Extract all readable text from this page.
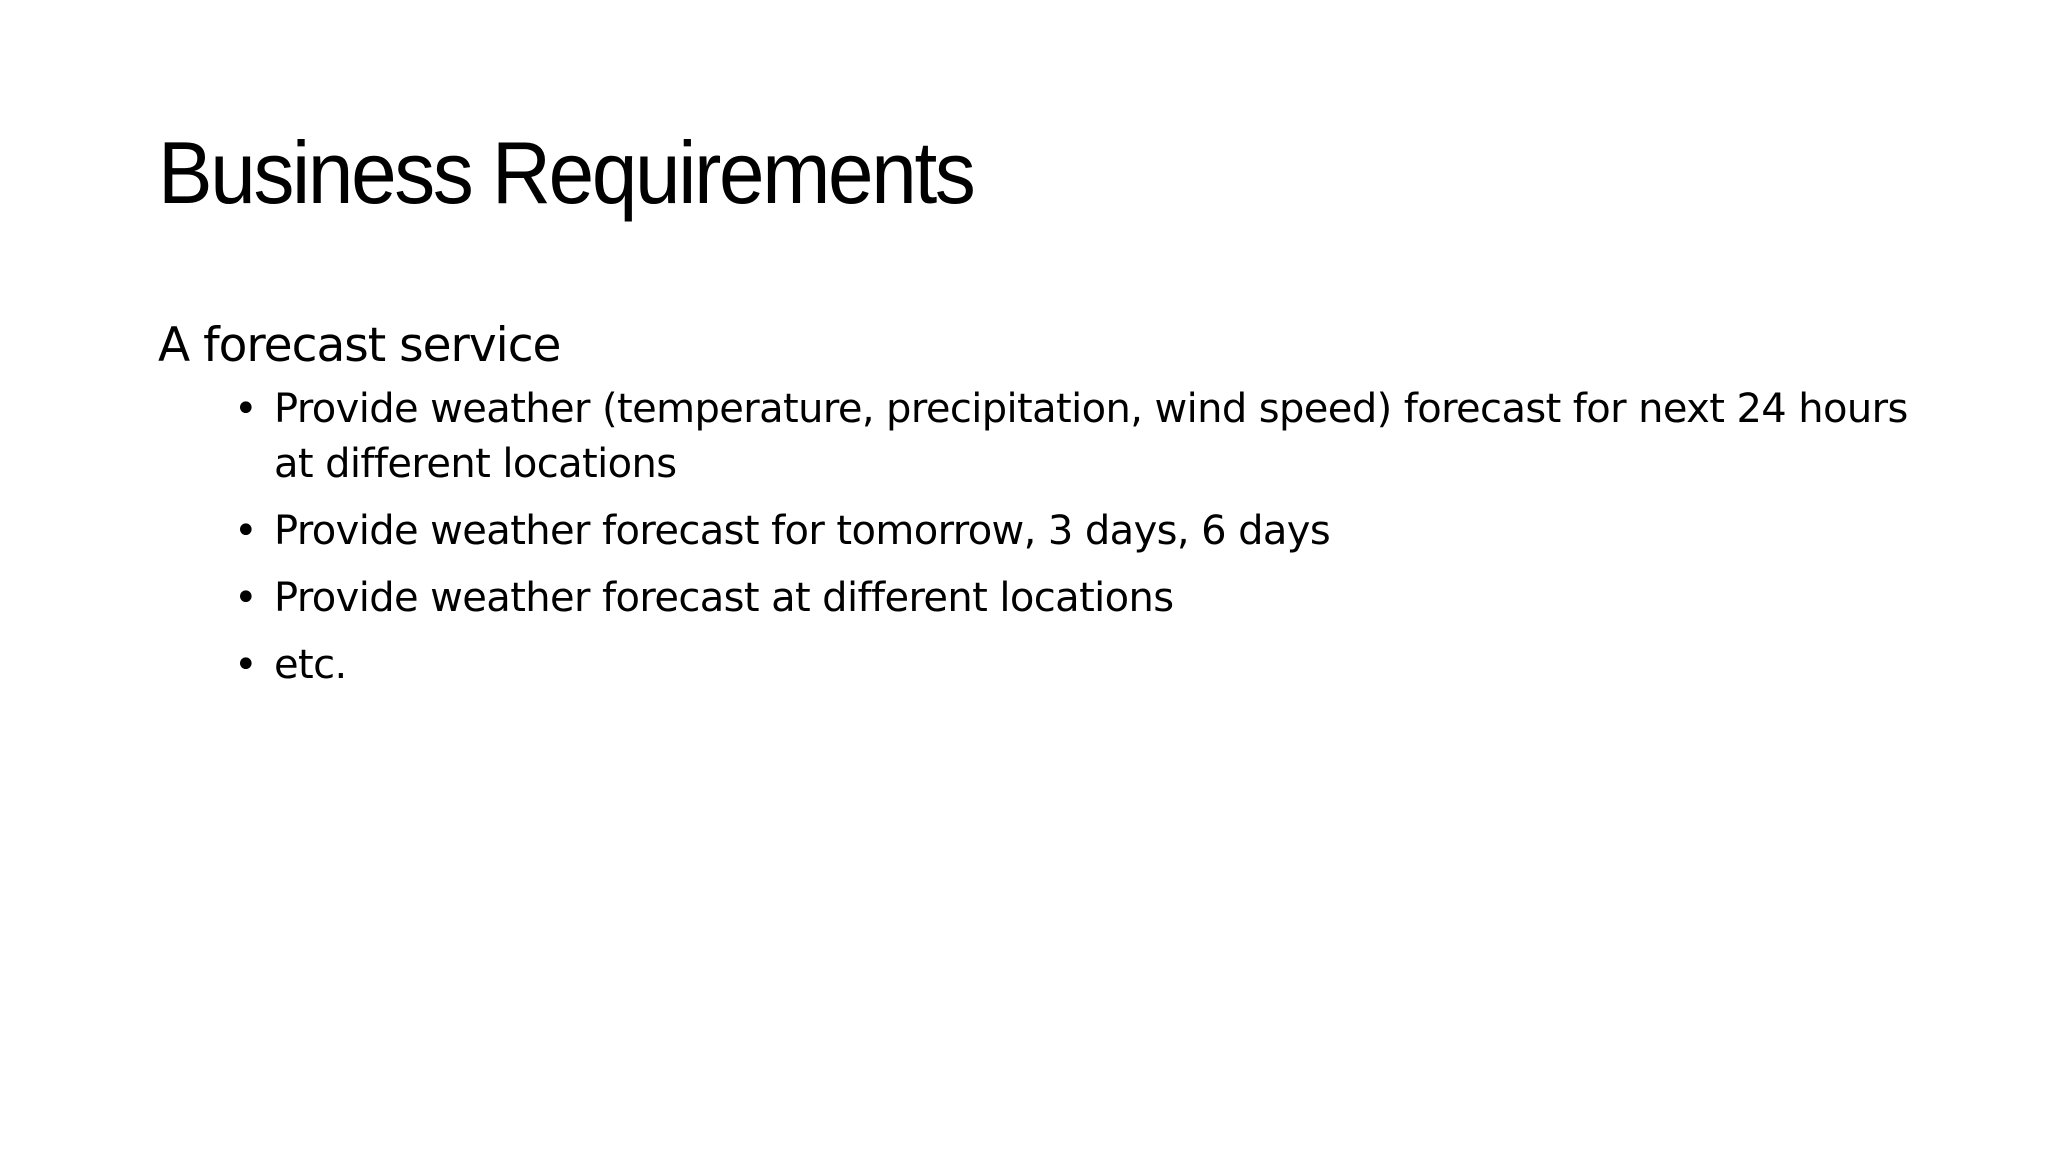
Business Requirements

A forecast service

• Provide weather (temperature, precipitation, wind speed) forecast for next 24 hours at different locations
• Provide weather forecast for tomorrow, 3 days, 6 days
• Provide weather forecast at different locations
• etc.
